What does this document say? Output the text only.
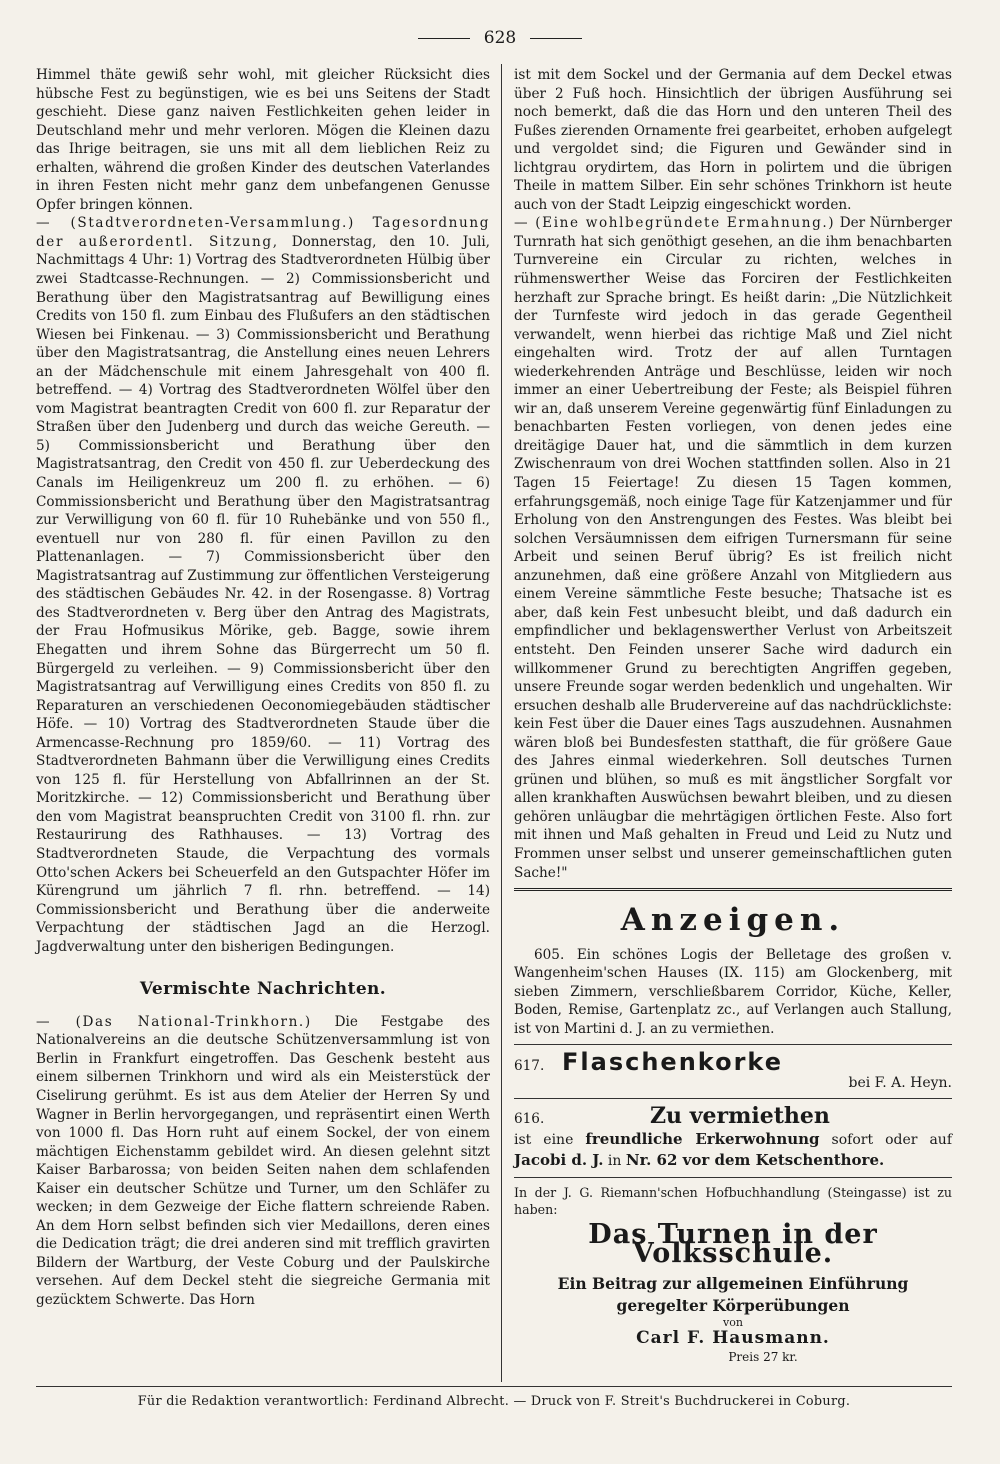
628

Himmel thäte gewiß sehr wohl, mit gleicher Rücksicht dies hübsche Fest zu begünstigen, wie es bei uns Seitens der Stadt geschieht. Diese ganz naiven Festlichkeiten gehen leider in Deutschland mehr und mehr verloren. Mögen die Kleinen dazu das Ihrige beitragen, sie uns mit all dem lieblichen Reiz zu erhalten, während die großen Kinder des deutschen Vaterlandes in ihren Festen nicht mehr ganz dem unbefangenen Genusse Opfer bringen können.

— (Stadtverordneten-Versammlung.) Tagesordnung der außerordentl. Sitzung, Donnerstag, den 10. Juli, Nachmittags 4 Uhr: 1) Vortrag des Stadtverordneten Hülbig über zwei Stadtcasse-Rechnungen. — 2) Commissionsbericht und Berathung über den Magistratsantrag auf Bewilligung eines Credits von 150 fl. zum Einbau des Flußufers an den städtischen Wiesen bei Finkenau. — 3) Commissionsbericht und Berathung über den Magistratsantrag, die Anstellung eines neuen Lehrers an der Mädchenschule mit einem Jahresgehalt von 400 fl. betreffend. — 4) Vortrag des Stadtverordneten Wölfel über den vom Magistrat beantragten Credit von 600 fl. zur Reparatur der Straßen über den Judenberg und durch das weiche Gereuth. — 5) Commissionsbericht und Berathung über den Magistratsantrag, den Credit von 450 fl. zur Ueberdeckung des Canals im Heiligenkreuz um 200 fl. zu erhöhen. — 6) Commissionsbericht und Berathung über den Magistratsantrag zur Verwilligung von 60 fl. für 10 Ruhebänke und von 550 fl., eventuell nur von 280 fl. für einen Pavillon zu den Plattenanlagen. — 7) Commissionsbericht über den Magistratsantrag auf Zustimmung zur öffentlichen Versteigerung des städtischen Gebäudes Nr. 42. in der Rosengasse. 8) Vortrag des Stadtverordneten v. Berg über den Antrag des Magistrats, der Frau Hofmusikus Mörike, geb. Bagge, sowie ihrem Ehegatten und ihrem Sohne das Bürgerrecht um 50 fl. Bürgergeld zu verleihen. — 9) Commissionsbericht über den Magistratsantrag auf Verwilligung eines Credits von 850 fl. zu Reparaturen an verschiedenen Oeconomiegebäuden städtischer Höfe. — 10) Vortrag des Stadtverordneten Staude über die Armencasse-Rechnung pro 1859/60. — 11) Vortrag des Stadtverordneten Bahmann über die Verwilligung eines Credits von 125 fl. für Herstellung von Abfallrinnen an der St. Moritzkirche. — 12) Commissionsbericht und Berathung über den vom Magistrat beanspruchten Credit von 3100 fl. rhn. zur Restaurirung des Rathhauses. — 13) Vortrag des Stadtverordneten Staude, die Verpachtung des vormals Otto'schen Ackers bei Scheuerfeld an den Gutspachter Höfer im Kürengrund um jährlich 7 fl. rhn. betreffend. — 14) Commissionsbericht und Berathung über die anderweite Verpachtung der städtischen Jagd an die Herzogl. Jagdverwaltung unter den bisherigen Bedingungen.

Vermischte Nachrichten.

— (Das National-Trinkhorn.) Die Festgabe des Nationalvereins an die deutsche Schützenversammlung ist von Berlin in Frankfurt eingetroffen. Das Geschenk besteht aus einem silbernen Trinkhorn und wird als ein Meisterstück der Ciselirung gerühmt. Es ist aus dem Atelier der Herren Sy und Wagner in Berlin hervorgegangen, und repräsentirt einen Werth von 1000 fl. Das Horn ruht auf einem Sockel, der von einem mächtigen Eichenstamm gebildet wird. An diesen gelehnt sitzt Kaiser Barbarossa; von beiden Seiten nahen dem schlafenden Kaiser ein deutscher Schütze und Turner, um den Schläfer zu wecken; in dem Gezweige der Eiche flattern schreiende Raben. An dem Horn selbst befinden sich vier Medaillons, deren eines die Dedication trägt; die drei anderen sind mit trefflich gravirten Bildern der Wartburg, der Veste Coburg und der Paulskirche versehen. Auf dem Deckel steht die siegreiche Germania mit gezücktem Schwerte. Das Horn

ist mit dem Sockel und der Germania auf dem Deckel etwas über 2 Fuß hoch. Hinsichtlich der übrigen Ausführung sei noch bemerkt, daß die das Horn und den unteren Theil des Fußes zierenden Ornamente frei gearbeitet, erhoben aufgelegt und vergoldet sind; die Figuren und Gewänder sind in lichtgrau orydirtem, das Horn in polirtem und die übrigen Theile in mattem Silber. Ein sehr schönes Trinkhorn ist heute auch von der Stadt Leipzig eingeschickt worden.

— (Eine wohlbegründete Ermahnung.) Der Nürnberger Turnrath hat sich genöthigt gesehen, an die ihm benachbarten Turnvereine ein Circular zu richten, welches in rühmenswerther Weise das Forciren der Festlichkeiten herzhaft zur Sprache bringt. Es heißt darin: „Die Nützlichkeit der Turnfeste wird jedoch in das gerade Gegentheil verwandelt, wenn hierbei das richtige Maß und Ziel nicht eingehalten wird. Trotz der auf allen Turntagen wiederkehrenden Anträge und Beschlüsse, leiden wir noch immer an einer Uebertreibung der Feste; als Beispiel führen wir an, daß unserem Vereine gegenwärtig fünf Einladungen zu benachbarten Festen vorliegen, von denen jedes eine dreitägige Dauer hat, und die sämmtlich in dem kurzen Zwischenraum von drei Wochen stattfinden sollen. Also in 21 Tagen 15 Feiertage! Zu diesen 15 Tagen kommen, erfahrungsgemäß, noch einige Tage für Katzenjammer und für Erholung von den Anstrengungen des Festes. Was bleibt bei solchen Versäumnissen dem eifrigen Turnersmann für seine Arbeit und seinen Beruf übrig? Es ist freilich nicht anzunehmen, daß eine größere Anzahl von Mitgliedern aus einem Vereine sämmtliche Feste besuche; Thatsache ist es aber, daß kein Fest unbesucht bleibt, und daß dadurch ein empfindlicher und beklagenswerther Verlust von Arbeitszeit entsteht. Den Feinden unserer Sache wird dadurch ein willkommener Grund zu berechtigten Angriffen gegeben, unsere Freunde sogar werden bedenklich und ungehalten. Wir ersuchen deshalb alle Brudervereine auf das nachdrücklichste: kein Fest über die Dauer eines Tags auszudehnen. Ausnahmen wären bloß bei Bundesfesten statthaft, die für größere Gaue des Jahres einmal wiederkehren. Soll deutsches Turnen grünen und blühen, so muß es mit ängstlicher Sorgfalt vor allen krankhaften Auswüchsen bewahrt bleiben, und zu diesen gehören unläugbar die mehrtägigen örtlichen Feste. Also fort mit ihnen und Maß gehalten in Freud und Leid zu Nutz und Frommen unser selbst und unserer gemeinschaftlichen guten Sache!"

Anzeigen.

605. Ein schönes Logis der Belletage des großen v. Wangenheim'schen Hauses (IX. 115) am Glockenberg, mit sieben Zimmern, verschließbarem Corridor, Küche, Keller, Boden, Remise, Gartenplatz zc., auf Verlangen auch Stallung, ist von Martini d. J. an zu vermiethen.

617. Flaschenkorke
bei F. A. Heyn.
616.	Zu vermiethen
ist eine freundliche Erkerwohnung sofort oder auf Jacobi d. J. in Nr. 62 vor dem Ketschenthore.

In der J. G. Riemann'schen Hofbuchhandlung (Steingasse) ist zu haben:

Das Turnen in der Volksschule.
Ein Beitrag zur allgemeinen Einführung geregelter Körperübungen
von
Carl F. Hausmann.
Preis 27 kr.
Für die Redaktion verantwortlich: Ferdinand Albrecht. — Druck von F. Streit's Buchdruckerei in Coburg.
